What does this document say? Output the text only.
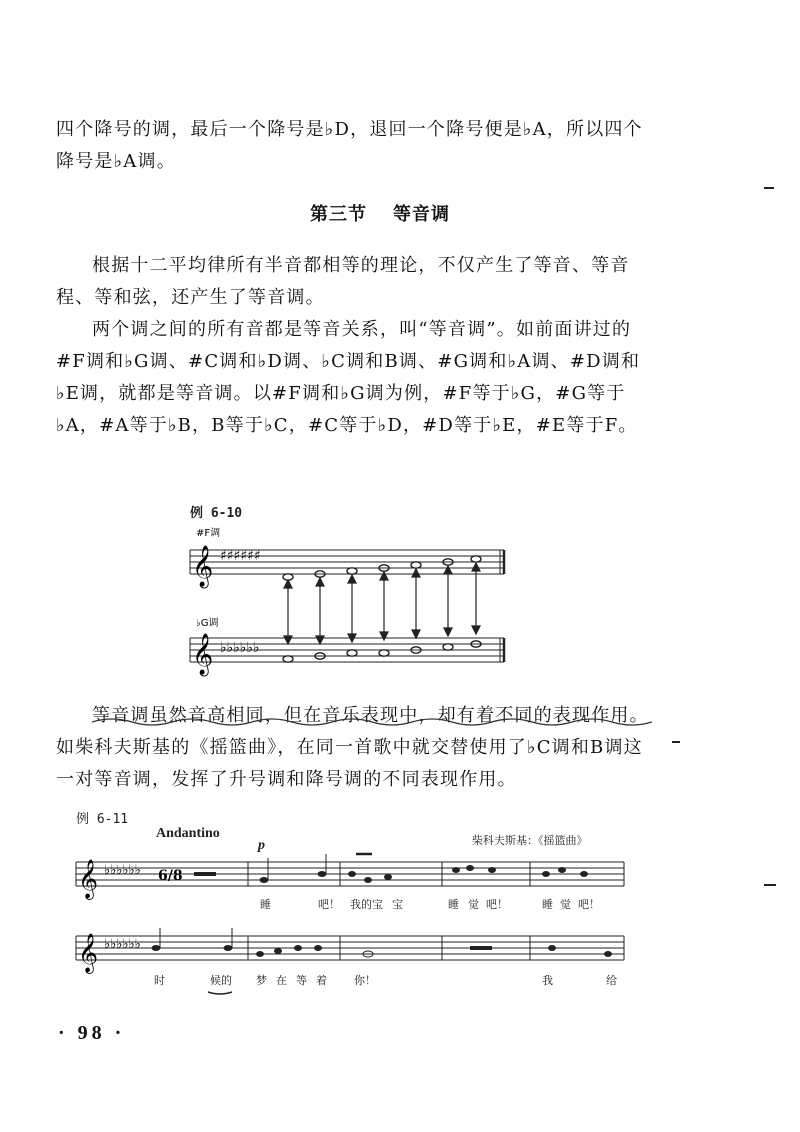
四个降号的调，最后一个降号是♭D，退回一个降号便是♭A，所以四个降号是♭A调。

第三节 等音调

根据十二平均律所有半音都相等的理论，不仅产生了等音、等音程、等和弦，还产生了等音调。

两个调之间的所有音都是等音关系，叫“等音调”。如前面讲过的#F调和♭G调、#C调和♭D调、♭C调和B调、#G调和♭A调、#D调和♭E调，就都是等音调。以#F调和♭G调为例，#F等于♭G，#G等于♭A，#A等于♭B，B等于♭C，#C等于♭D，#D等于♭E，#E等于F。

例 6-10
#F调
𝄞 ♯♯♯♯♯♯
♭G调
𝄞 ♭♭♭♭♭♭

等音调虽然音高相同，但在音乐表现中，却有着不同的表现作用。如柴科夫斯基的《摇篮曲》，在同一首歌中就交替使用了♭C调和B调这一对等音调，发挥了升号调和降号调的不同表现作用。

例 6-11
Andantino
p	柴科夫斯基：《摇篮曲》
𝄞 ♭♭♭♭♭♭ 6/8
睡	吧！ 我的宝 宝	睡 觉 吧！	睡 觉 吧！
𝄞 ♭♭♭♭♭♭
时	候的 梦 在 等 着 你！	我	给
· 98 ·
